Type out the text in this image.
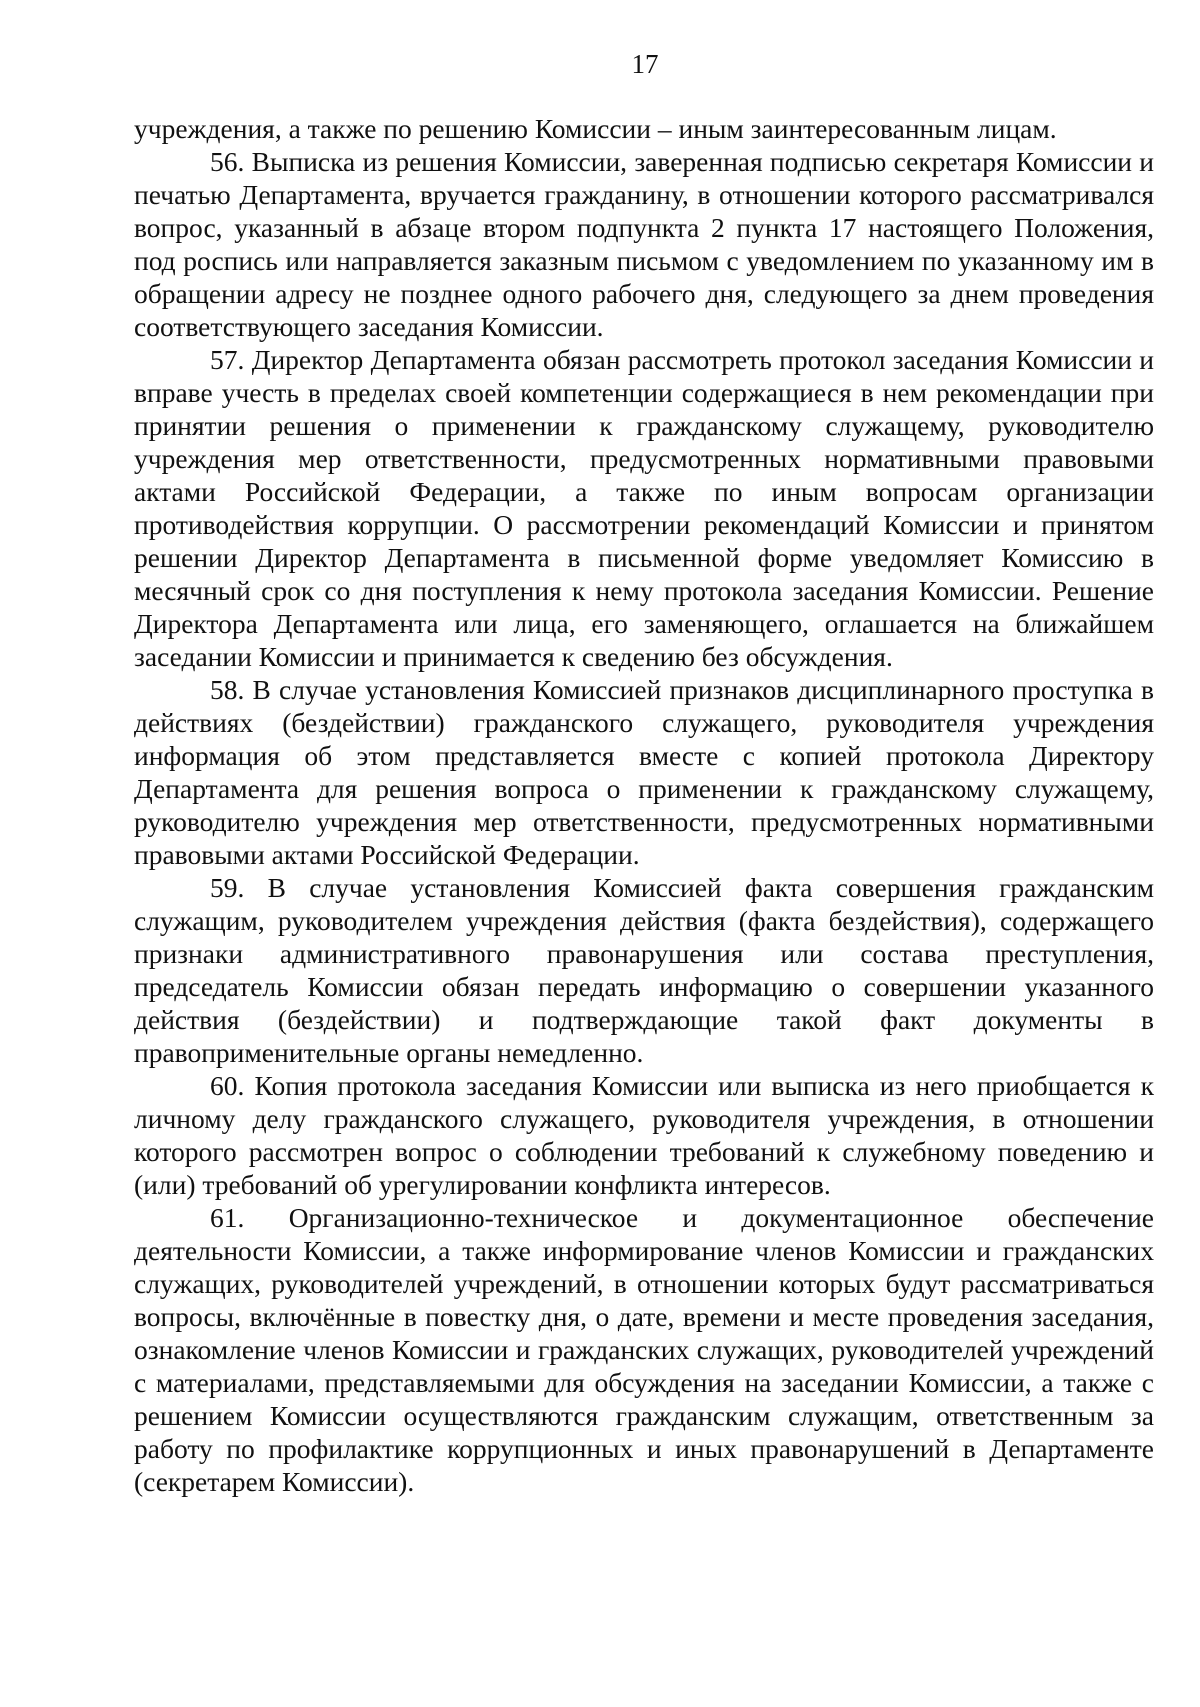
17

учреждения, а также по решению Комиссии – иным заинтересованным лицам.

56. Выписка из решения Комиссии, заверенная подписью секретаря Комиссии и печатью Департамента, вручается гражданину, в отношении которого рассматривался вопрос, указанный в абзаце втором подпункта 2 пункта 17 настоящего Положения, под роспись или направляется заказным письмом с уведомлением по указанному им в обращении адресу не позднее одного рабочего дня, следующего за днем проведения соответствующего заседания Комиссии.

57. Директор Департамента обязан рассмотреть протокол заседания Комиссии и вправе учесть в пределах своей компетенции содержащиеся в нем рекомендации при принятии решения о применении к гражданскому служащему, руководителю учреждения мер ответственности, предусмотренных нормативными правовыми актами Российской Федерации, а также по иным вопросам организации противодействия коррупции. О рассмотрении рекомендаций Комиссии и принятом решении Директор Департамента в письменной форме уведомляет Комиссию в месячный срок со дня поступления к нему протокола заседания Комиссии. Решение Директора Департамента или лица, его заменяющего, оглашается на ближайшем заседании Комиссии и принимается к сведению без обсуждения.

58. В случае установления Комиссией признаков дисциплинарного проступка в действиях (бездействии) гражданского служащего, руководителя учреждения информация об этом представляется вместе с копией протокола Директору Департамента для решения вопроса о применении к гражданскому служащему, руководителю учреждения мер ответственности, предусмотренных нормативными правовыми актами Российской Федерации.

59. В случае установления Комиссией факта совершения гражданским служащим, руководителем учреждения действия (факта бездействия), содержащего признаки административного правонарушения или состава преступления, председатель Комиссии обязан передать информацию о совершении указанного действия (бездействии) и подтверждающие такой факт документы в правоприменительные органы немедленно.

60. Копия протокола заседания Комиссии или выписка из него приобщается к личному делу гражданского служащего, руководителя учреждения, в отношении которого рассмотрен вопрос о соблюдении требований к служебному поведению и (или) требований об урегулировании конфликта интересов.

61. Организационно-техническое и документационное обеспечение деятельности Комиссии, а также информирование членов Комиссии и гражданских служащих, руководителей учреждений, в отношении которых будут рассматриваться вопросы, включённые в повестку дня, о дате, времени и месте проведения заседания, ознакомление членов Комиссии и гражданских служащих, руководителей учреждений с материалами, представляемыми для обсуждения на заседании Комиссии, а также с решением Комиссии осуществляются гражданским служащим, ответственным за работу по профилактике коррупционных и иных правонарушений в Департаменте (секретарем Комиссии).
